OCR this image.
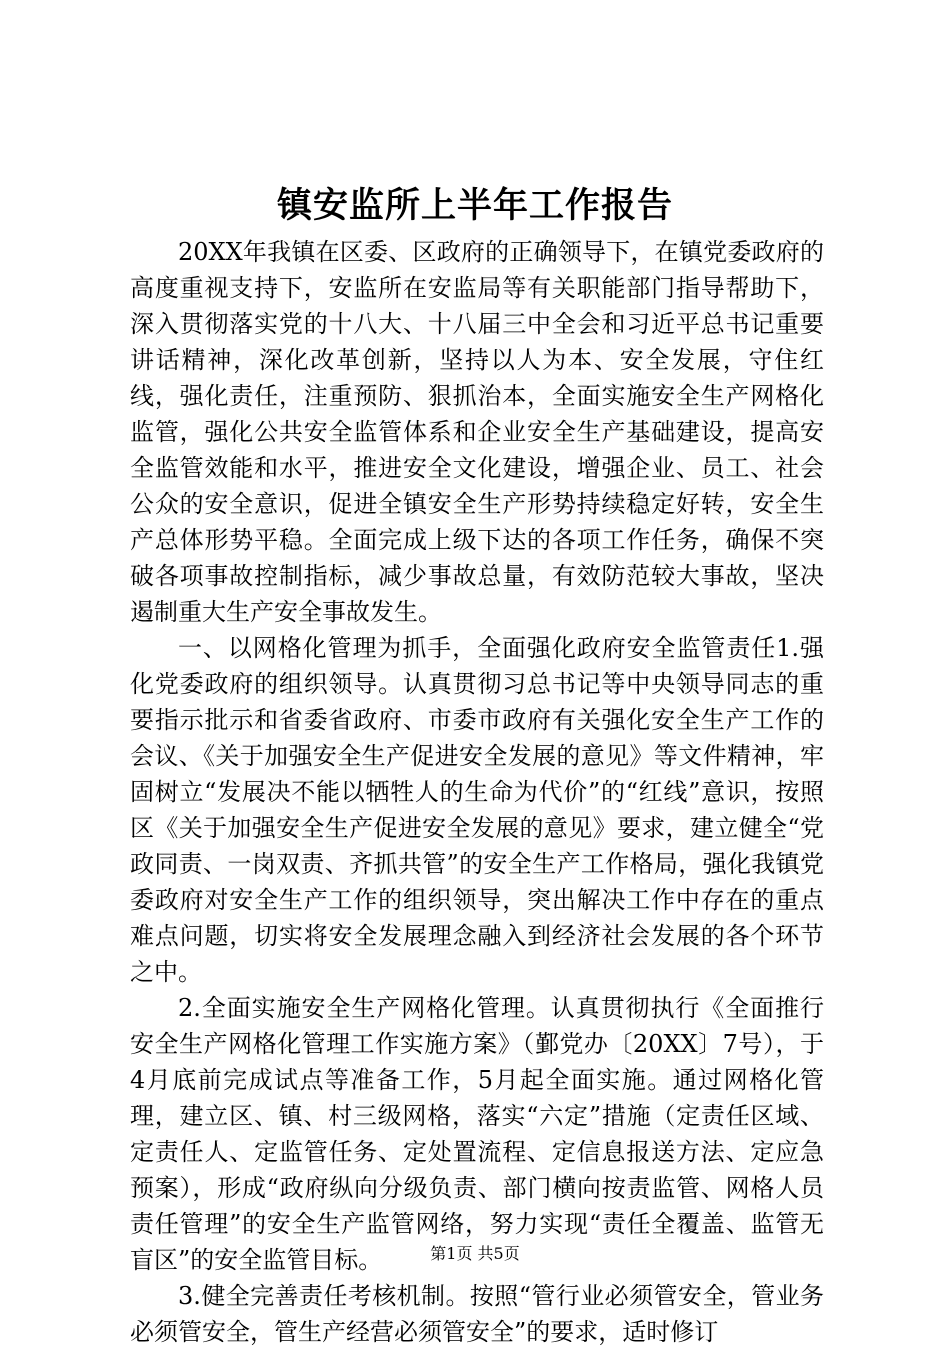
镇安监所上半年工作报告

20XX年我镇在区委、区政府的正确领导下，在镇党委政府的高度重视支持下，安监所在安监局等有关职能部门指导帮助下，深入贯彻落实党的十八大、十八届三中全会和习近平总书记重要讲话精神，深化改革创新，坚持以人为本、安全发展，守住红线，强化责任，注重预防、狠抓治本，全面实施安全生产网格化监管，强化公共安全监管体系和企业安全生产基础建设，提高安全监管效能和水平，推进安全文化建设，增强企业、员工、社会公众的安全意识，促进全镇安全生产形势持续稳定好转，安全生产总体形势平稳。全面完成上级下达的各项工作任务，确保不突破各项事故控制指标，减少事故总量，有效防范较大事故，坚决遏制重大生产安全事故发生。

一、以网格化管理为抓手，全面强化政府安全监管责任1.强化党委政府的组织领导。认真贯彻习总书记等中央领导同志的重要指示批示和省委省政府、市委市政府有关强化安全生产工作的会议、《关于加强安全生产促进安全发展的意见》等文件精神，牢固树立“发展决不能以牺牲人的生命为代价”的“红线”意识，按照区《关于加强安全生产促进安全发展的意见》要求，建立健全“党政同责、一岗双责、齐抓共管”的安全生产工作格局，强化我镇党委政府对安全生产工作的组织领导，突出解决工作中存在的重点难点问题，切实将安全发展理念融入到经济社会发展的各个环节之中。

2.全面实施安全生产网格化管理。认真贯彻执行《全面推行安全生产网格化管理工作实施方案》（鄞党办〔20XX〕7号），于4月底前完成试点等准备工作，5月起全面实施。通过网格化管理，建立区、镇、村三级网格，落实“六定”措施（定责任区域、定责任人、定监管任务、定处置流程、定信息报送方法、定应急预案），形成“政府纵向分级负责、部门横向按责监管、网格人员责任管理”的安全生产监管网络，努力实现“责任全覆盖、监管无盲区”的安全监管目标。

3.健全完善责任考核机制。按照“管行业必须管安全，管业务必须管安全，管生产经营必须管安全”的要求，适时修订

第1页 共5页
